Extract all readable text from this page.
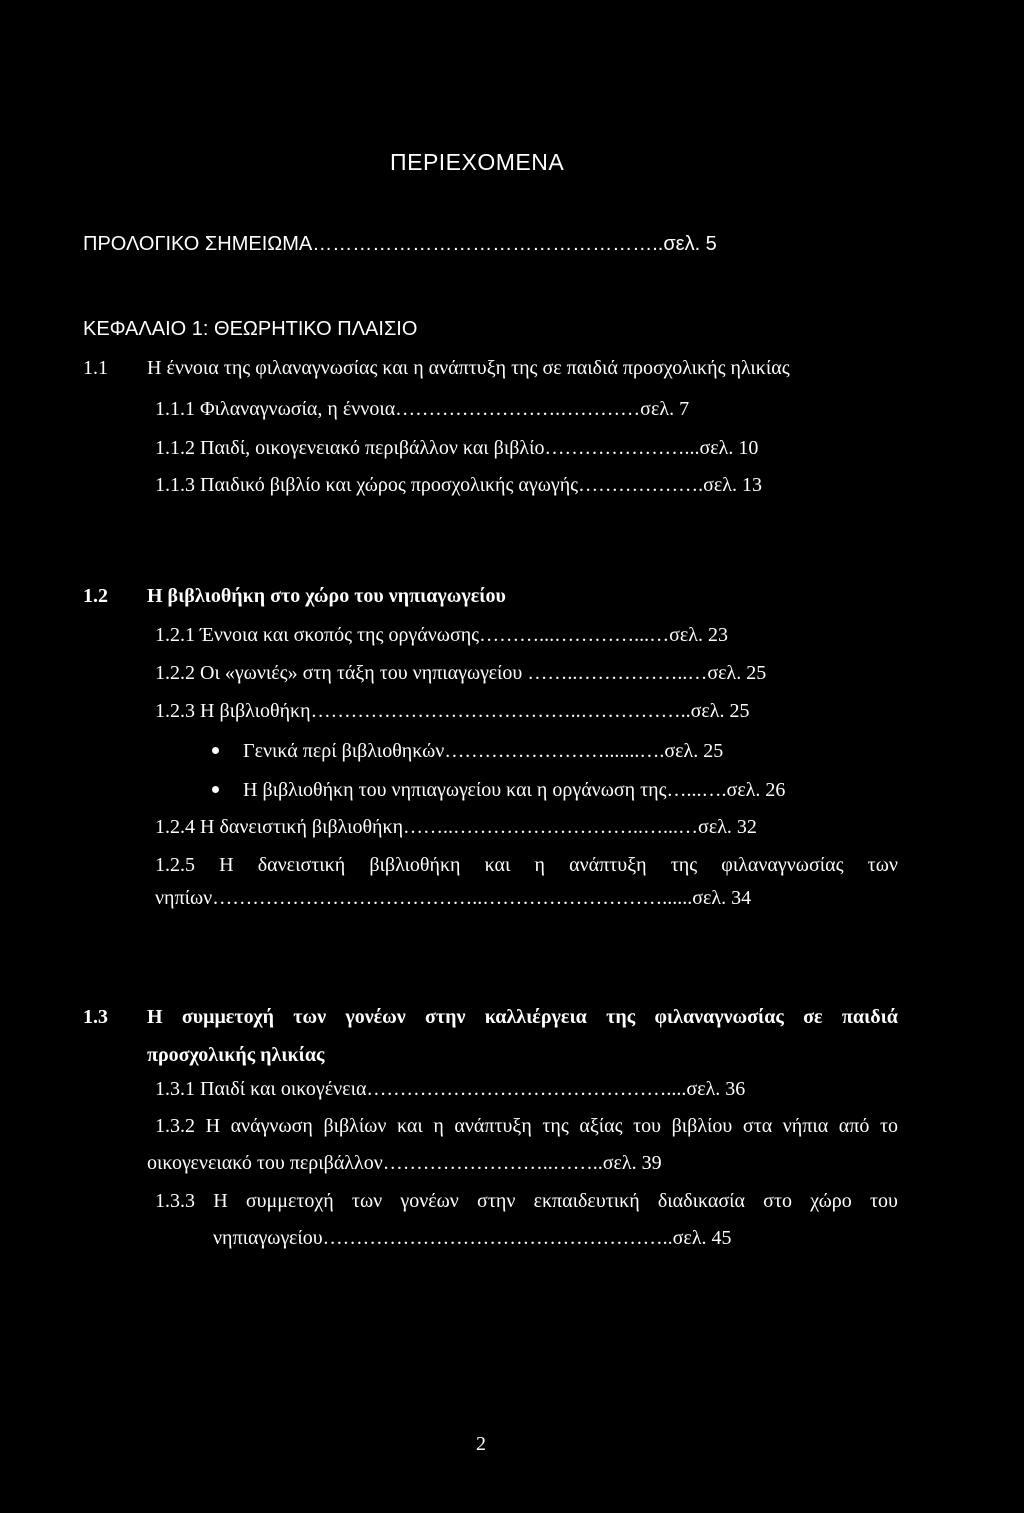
ΠΕΡΙΕΧΟΜΕΝΑ
ΠΡΟΛΟΓΙΚΟ ΣΗΜΕΙΩΜΑ……………………………………………..σελ. 5
ΚΕΦΑΛΑΙΟ 1: ΘΕΩΡΗΤΙΚΟ ΠΛΑΙΣΙΟ
1.1 Η έννοια της φιλαναγνωσίας και η ανάπτυξη της σε παιδιά προσχολικής ηλικίας
1.1.1 Φιλαναγνωσία, η έννοια…………………….…………σελ. 7
1.1.2 Παιδί, οικογενειακό περιβάλλον και βιβλίο…………………...σελ. 10
1.1.3 Παιδικό βιβλίο και χώρος προσχολικής αγωγής……………….σελ. 13
1.2 Η βιβλιοθήκη στο χώρο του νηπιαγωγείου
1.2.1 Έννοια και σκοπός της οργάνωσης………...…………...…σελ. 23
1.2.2 Οι «γωνιές» στη τάξη του νηπιαγωγείου ……..……………..…σελ. 25
1.2.3 Η βιβλιοθήκη…………………………………..……………..σελ. 25
Γενικά περί βιβλιοθηκών…………………….......….σελ. 25
Η βιβλιοθήκη του νηπιαγωγείου και η οργάνωση της…...….σελ. 26
1.2.4 Η δανειστική βιβλιοθήκη……..………………………..…...…σελ. 32
1.2.5 Η δανειστική βιβλιοθήκη και η ανάπτυξη της φιλαναγνωσίας των
νηπίων…………………………………..………………………......σελ. 34
1.3 Η συμμετοχή των γονέων στην καλλιέργεια της φιλαναγνωσίας σε παιδιά
προσχολικής ηλικίας
1.3.1 Παιδί και οικογένεια………………………………………....σελ. 36
1.3.2 Η ανάγνωση βιβλίων και η ανάπτυξη της αξίας του βιβλίου στα νήπια από το
οικογενειακό του περιβάλλον……………………..……..σελ. 39
1.3.3 Η συμμετοχή των γονέων στην εκπαιδευτική διαδικασία στο χώρο του
νηπιαγωγείου……………………………………………..σελ. 45
2
